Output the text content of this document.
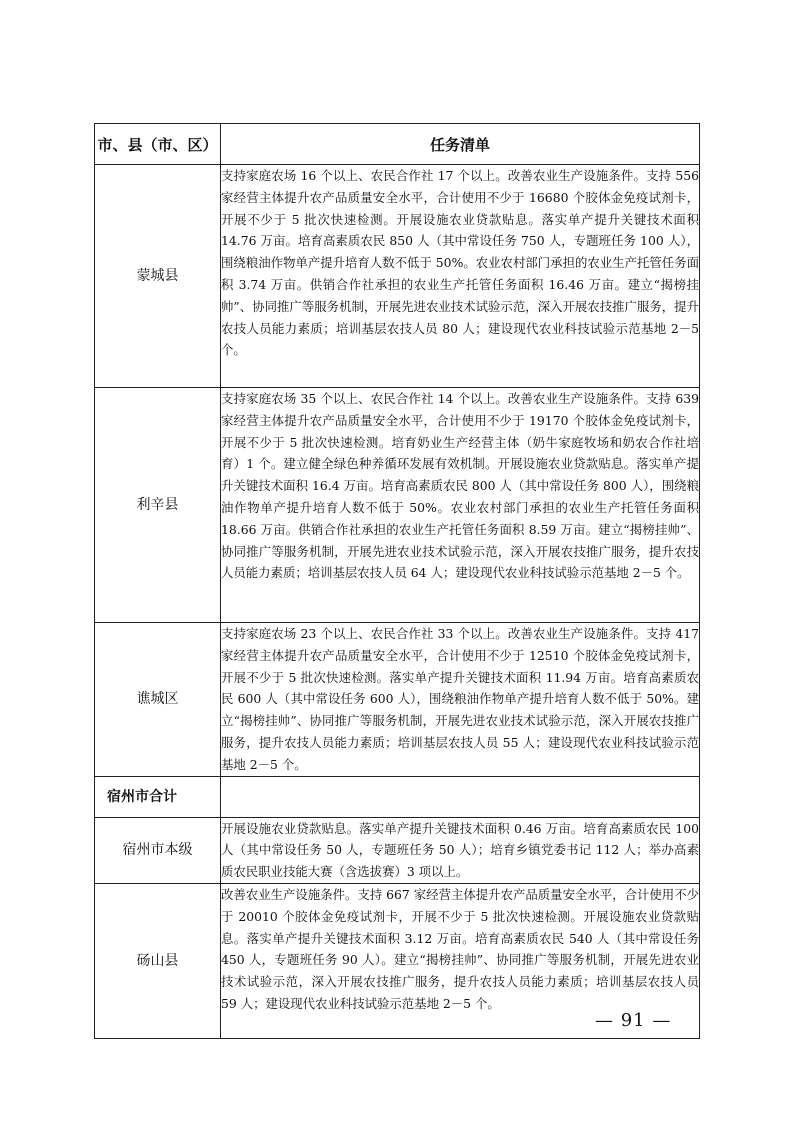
市、县（市、区）	任务清单
蒙城县	支持家庭农场 16 个以上、农民合作社 17 个以上。改善农业生产设施条件。支持 556 家经营主体提升农产品质量安全水平，合计使用不少于 16680 个胶体金免疫试剂卡，开展不少于 5 批次快速检测。开展设施农业贷款贴息。落实单产提升关键技术面积 14.76 万亩。培育高素质农民 850 人（其中常设任务 750 人，专题班任务 100 人），围绕粮油作物单产提升培育人数不低于 50%。农业农村部门承担的农业生产托管任务面积 3.74 万亩。供销合作社承担的农业生产托管任务面积 16.46 万亩。建立“揭榜挂帅”、协同推广等服务机制，开展先进农业技术试验示范，深入开展农技推广服务，提升农技人员能力素质；培训基层农技人员 80 人；建设现代农业科技试验示范基地 2－5 个。

利辛县	支持家庭农场 35 个以上、农民合作社 14 个以上。改善农业生产设施条件。支持 639 家经营主体提升农产品质量安全水平，合计使用不少于 19170 个胶体金免疫试剂卡，开展不少于 5 批次快速检测。培育奶业生产经营主体（奶牛家庭牧场和奶农合作社培育）1 个。建立健全绿色种养循环发展有效机制。开展设施农业贷款贴息。落实单产提升关键技术面积 16.4 万亩。培育高素质农民 800 人（其中常设任务 800 人），围绕粮油作物单产提升培育人数不低于 50%。农业农村部门承担的农业生产托管任务面积 18.66 万亩。供销合作社承担的农业生产托管任务面积 8.59 万亩。建立“揭榜挂帅”、协同推广等服务机制，开展先进农业技术试验示范，深入开展农技推广服务，提升农技人员能力素质；培训基层农技人员 64 人；建设现代农业科技试验示范基地 2－5 个。

谯城区	支持家庭农场 23 个以上、农民合作社 33 个以上。改善农业生产设施条件。支持 417 家经营主体提升农产品质量安全水平，合计使用不少于 12510 个胶体金免疫试剂卡，开展不少于 5 批次快速检测。落实单产提升关键技术面积 11.94 万亩。培育高素质农民 600 人（其中常设任务 600 人），围绕粮油作物单产提升培育人数不低于 50%。建立“揭榜挂帅”、协同推广等服务机制，开展先进农业技术试验示范，深入开展农技推广服务，提升农技人员能力素质；培训基层农技人员 55 人；建设现代农业科技试验示范基地 2－5 个。

宿州市合计	

宿州市本级	开展设施农业贷款贴息。落实单产提升关键技术面积 0.46 万亩。培育高素质农民 100 人（其中常设任务 50 人，专题班任务 50 人）；培育乡镇党委书记 112 人；举办高素质农民职业技能大赛（含选拔赛）3 项以上。

砀山县	改善农业生产设施条件。支持 667 家经营主体提升农产品质量安全水平，合计使用不少于 20010 个胶体金免疫试剂卡，开展不少于 5 批次快速检测。开展设施农业贷款贴息。落实单产提升关键技术面积 3.12 万亩。培育高素质农民 540 人（其中常设任务 450 人，专题班任务 90 人）。建立“揭榜挂帅”、协同推广等服务机制，开展先进农业技术试验示范，深入开展农技推广服务，提升农技人员能力素质；培训基层农技人员 59 人；建设现代农业科技试验示范基地 2－5 个。

— 91 —
